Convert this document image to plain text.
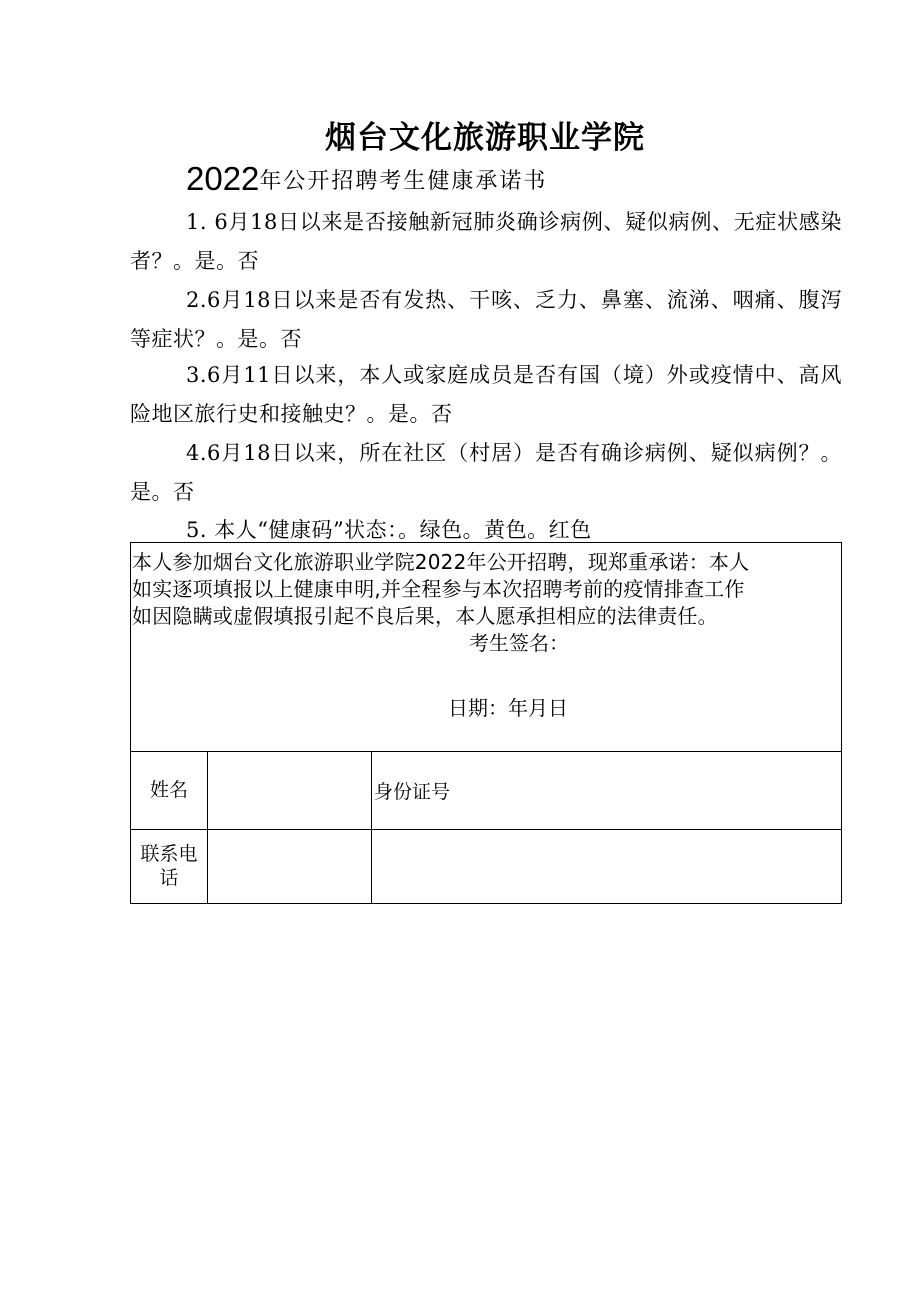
烟台文化旅游职业学院
2022年公开招聘考生健康承诺书
1. 6月18日以来是否接触新冠肺炎确诊病例、疑似病例、无症状感染者？。是。否
2.6月18日以来是否有发热、干咳、乏力、鼻塞、流涕、咽痛、腹泻等症状？。是。否
3.6月11日以来，本人或家庭成员是否有国（境）外或疫情中、高风险地区旅行史和接触史？。是。否
4.6月18日以来，所在社区（村居）是否有确诊病例、疑似病例？。是。否
5. 本人“健康码”状态：。绿色。黄色。红色
本人参加烟台文化旅游职业学院2022年公开招聘，现郑重承诺：本人
如实逐项填报以上健康申明,并全程参与本次招聘考前的疫情排查工作
如因隐瞒或虚假填报引起不良后果，本人愿承担相应的法律责任。
考生签名：
日期：年月日		

姓名		身份证号

联系电
话		
